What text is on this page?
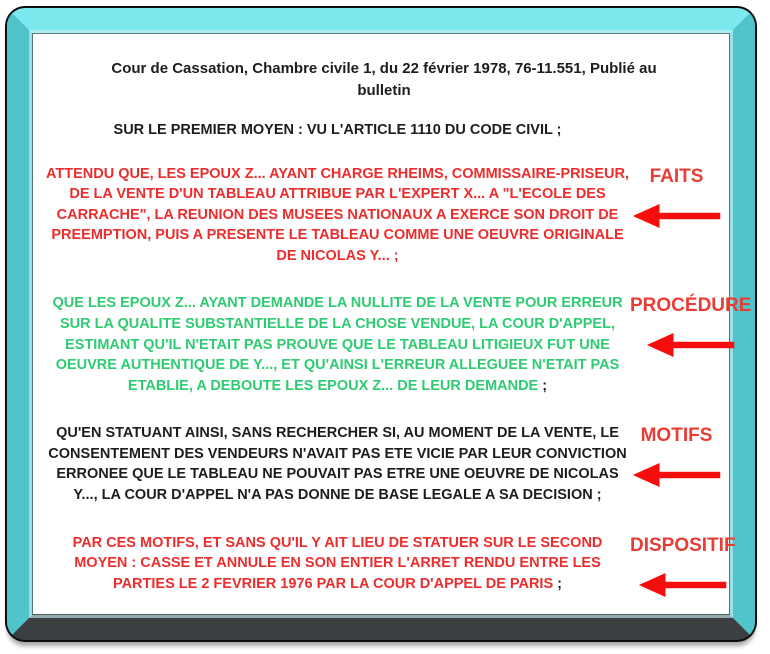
Cour de Cassation, Chambre civile 1, du 22 février 1978, 76-11.551, Publié au bulletin

SUR LE PREMIER MOYEN : VU L'ARTICLE 1110 DU CODE CIVIL ;

ATTENDU QUE, LES EPOUX Z... AYANT CHARGE RHEIMS, COMMISSAIRE-PRISEUR, DE LA VENTE D'UN TABLEAU ATTRIBUE PAR L'EXPERT X... A "L'ECOLE DES CARRACHE", LA REUNION DES MUSEES NATIONAUX A EXERCE SON DROIT DE PREEMPTION, PUIS A PRESENTE LE TABLEAU COMME UNE OEUVRE ORIGINALE DE NICOLAS Y... ;

FAITS

QUE LES EPOUX Z... AYANT DEMANDE LA NULLITE DE LA VENTE POUR ERREUR SUR LA QUALITE SUBSTANTIELLE DE LA CHOSE VENDUE, LA COUR D'APPEL, ESTIMANT QU'IL N'ETAIT PAS PROUVE QUE LE TABLEAU LITIGIEUX FUT UNE OEUVRE AUTHENTIQUE DE Y..., ET QU'AINSI L'ERREUR ALLEGUEE N'ETAIT PAS ETABLIE, A DEBOUTE LES EPOUX Z... DE LEUR DEMANDE ;

PROCÉDURE

QU'EN STATUANT AINSI, SANS RECHERCHER SI, AU MOMENT DE LA VENTE, LE CONSENTEMENT DES VENDEURS N'AVAIT PAS ETE VICIE PAR LEUR CONVICTION ERRONEE QUE LE TABLEAU NE POUVAIT PAS ETRE UNE OEUVRE DE NICOLAS Y..., LA COUR D'APPEL N'A PAS DONNE DE BASE LEGALE A SA DECISION ;

MOTIFS

PAR CES MOTIFS, ET SANS QU'IL Y AIT LIEU DE STATUER SUR LE SECOND MOYEN : CASSE ET ANNULE EN SON ENTIER L'ARRET RENDU ENTRE LES PARTIES LE 2 FEVRIER 1976 PAR LA COUR D'APPEL DE PARIS ;

DISPOSITIF
